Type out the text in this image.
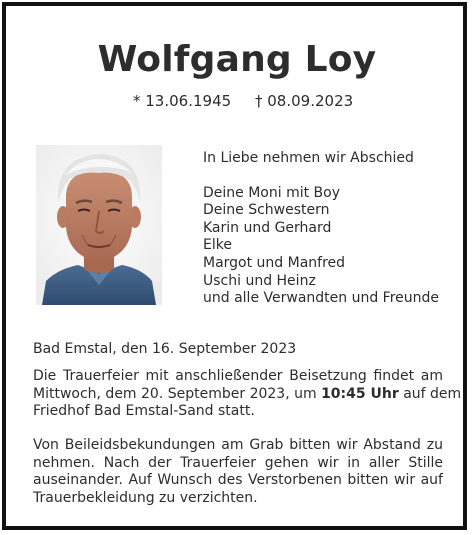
Wolfgang Loy
* 13.06.1945 † 08.09.2023
In Liebe nehmen wir Abschied
Deine Moni mit Boy
Deine Schwestern
Karin und Gerhard
Elke
Margot und Manfred
Uschi und Heinz
und alle Verwandten und Freunde
Bad Emstal, den 16. September 2023
Die Trauerfeier mit anschließender Beisetzung findet am
Mittwoch, dem 20. September 2023, um 10:45 Uhr auf dem
Friedhof Bad Emstal-Sand statt.
Von Beileidsbekundungen am Grab bitten wir Abstand zu
nehmen. Nach der Trauerfeier gehen wir in aller Stille
auseinander. Auf Wunsch des Verstorbenen bitten wir auf
Trauerbekleidung zu verzichten.
